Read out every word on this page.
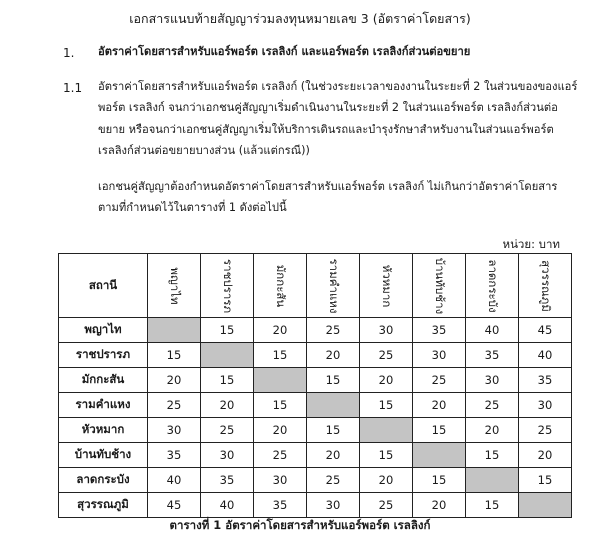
เอกสารแนบท้ายสัญญาร่วมลงทุนหมายเลข 3 (อัตราค่าโดยสาร)
1. อัตราค่าโดยสารสำหรับแอร์พอร์ต เรลลิงก์ และแอร์พอร์ต เรลลิงก์ส่วนต่อขยาย
1.1 อัตราค่าโดยสารสำหรับแอร์พอร์ต เรลลิงก์ (ในช่วงระยะเวลาของงานในระยะที่ 2 ในส่วนของของแอร์
พอร์ต เรลลิงก์ จนกว่าเอกชนคู่สัญญาเริ่มดำเนินงานในระยะที่ 2 ในส่วนแอร์พอร์ต เรลลิงก์ส่วนต่อ
ขยาย หรือจนกว่าเอกชนคู่สัญญาเริ่มให้บริการเดินรถและบำรุงรักษาสำหรับงานในส่วนแอร์พอร์ต
เรลลิงก์ส่วนต่อขยายบางส่วน (แล้วแต่กรณี))
เอกชนคู่สัญญาต้องกำหนดอัตราค่าโดยสารสำหรับแอร์พอร์ต เรลลิงก์ ไม่เกินกว่าอัตราค่าโดยสาร
ตามที่กำหนดไว้ในตารางที่ 1 ดังต่อไปนี้
หน่วย: บาท
สถานี	พญาไท	ราชปรารภ	มักกะสัน	รามคำแหง	หัวหมาก	บ้านทับช้าง	ลาดกระบัง	สุวรรณภูมิ

พญาไท		15	20	25	30	35	40	45
ราชปรารภ	15		15	20	25	30	35	40
มักกะสัน	20	15		15	20	25	30	35
รามคำแหง	25	20	15		15	20	25	30
หัวหมาก	30	25	20	15		15	20	25
บ้านทับช้าง	35	30	25	20	15		15	20
ลาดกระบัง	40	35	30	25	20	15		15
สุวรรณภูมิ	45	40	35	30	25	20	15	
ตารางที่ 1 อัตราค่าโดยสารสำหรับแอร์พอร์ต เรลลิงก์
